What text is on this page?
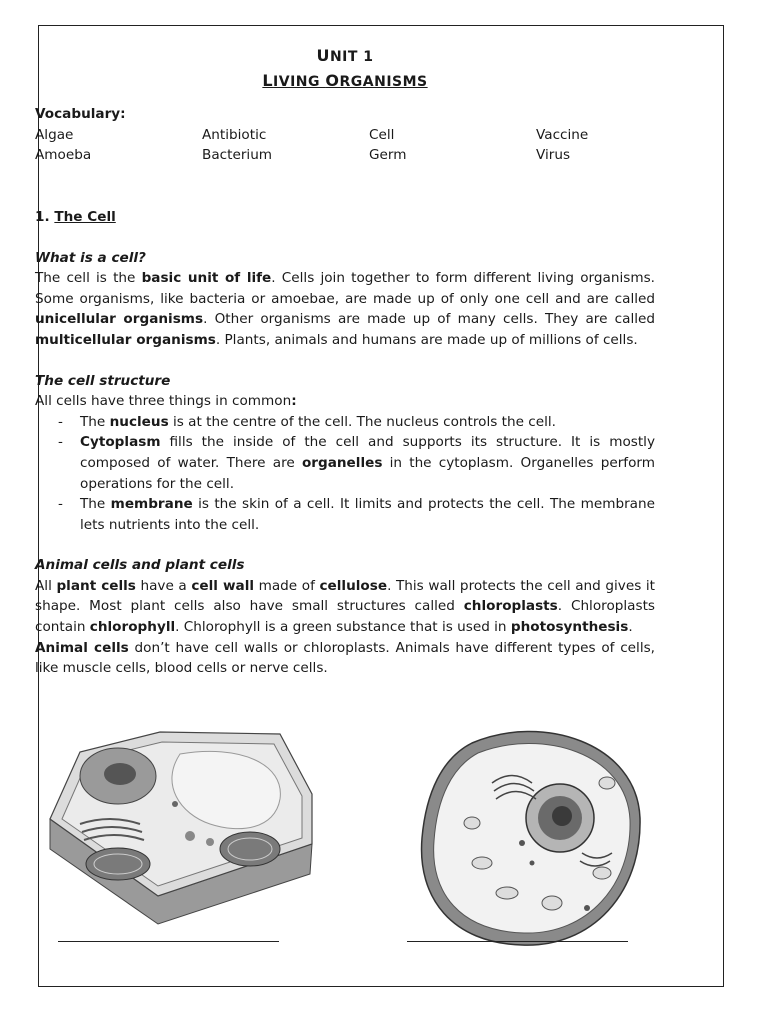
UNIT 1
LIVING ORGANISMS
Vocabulary:
Algae	Antibiotic	Cell	Vaccine
Amoeba	Bacterium	Germ	Virus
1. The Cell
What is a cell?
The cell is the basic unit of life. Cells join together to form different living organisms. Some organisms, like bacteria or amoebae, are made up of only one cell and are called unicellular organisms. Other organisms are made up of many cells. They are called multicellular organisms. Plants, animals and humans are made up of millions of cells.
The cell structure
All cells have three things in common:
- The nucleus is at the centre of the cell. The nucleus controls the cell.
- Cytoplasm fills the inside of the cell and supports its structure. It is mostly composed of water. There are organelles in the cytoplasm. Organelles perform operations for the cell.
- The membrane is the skin of a cell. It limits and protects the cell. The membrane lets nutrients into the cell.
Animal cells and plant cells
All plant cells have a cell wall made of cellulose. This wall protects the cell and gives it shape. Most plant cells also have small structures called chloroplasts. Chloroplasts contain chlorophyll. Chlorophyll is a green substance that is used in photosynthesis.
Animal cells don’t have cell walls or chloroplasts. Animals have different types of cells, like muscle cells, blood cells or nerve cells.
